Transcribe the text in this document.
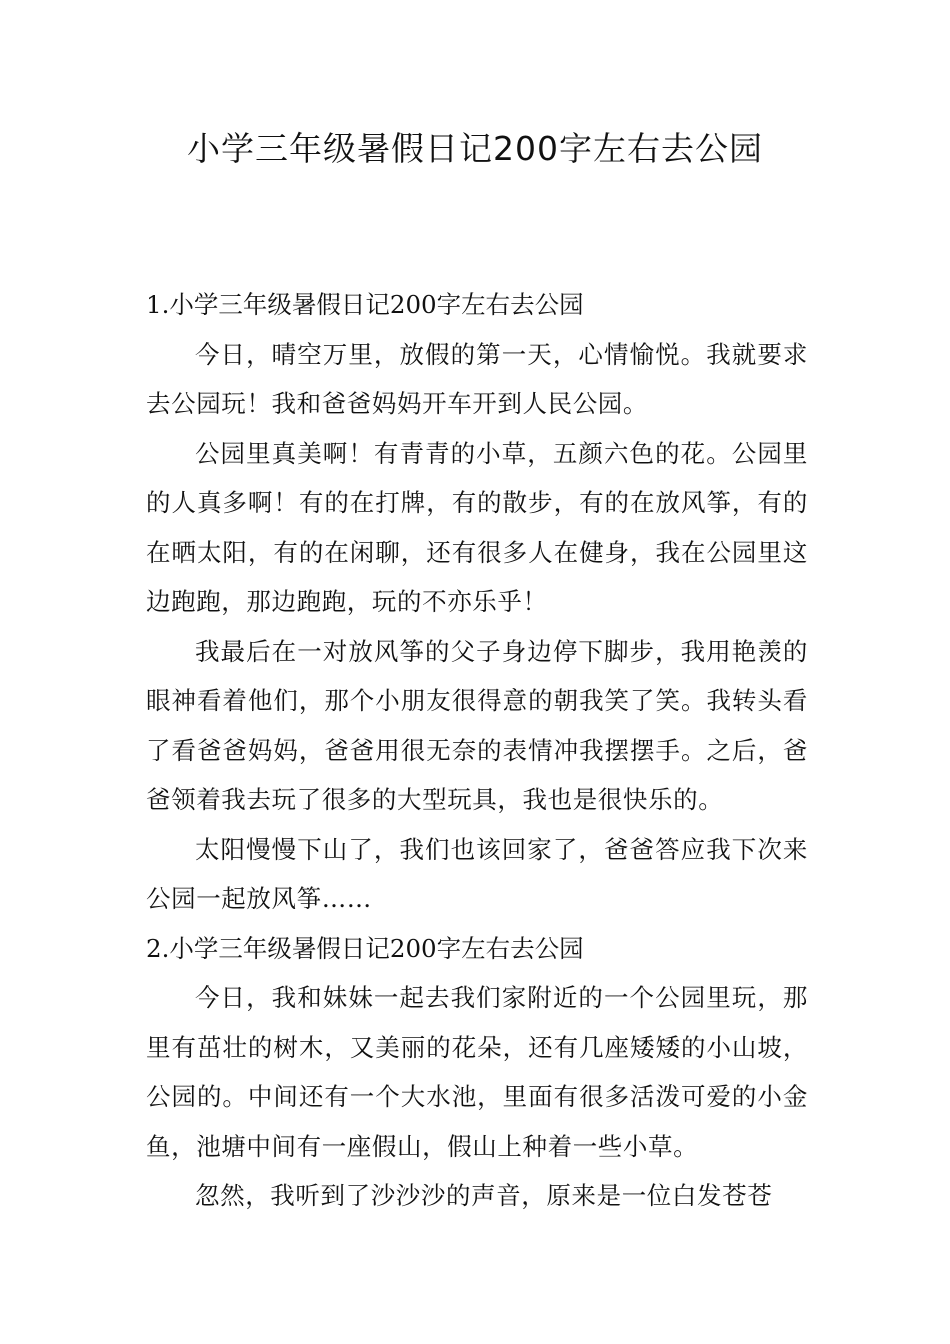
小学三年级暑假日记200字左右去公园
1.小学三年级暑假日记200字左右去公园

今日，晴空万里，放假的第一天，心情愉悦。我就要求去公园玩！我和爸爸妈妈开车开到人民公园。

公园里真美啊！有青青的小草，五颜六色的花。公园里的人真多啊！有的在打牌，有的散步，有的在放风筝，有的在晒太阳，有的在闲聊，还有很多人在健身，我在公园里这边跑跑，那边跑跑，玩的不亦乐乎！

我最后在一对放风筝的父子身边停下脚步，我用艳羡的眼神看着他们，那个小朋友很得意的朝我笑了笑。我转头看了看爸爸妈妈，爸爸用很无奈的表情冲我摆摆手。之后，爸爸领着我去玩了很多的大型玩具，我也是很快乐的。

太阳慢慢下山了，我们也该回家了，爸爸答应我下次来公园一起放风筝……

2.小学三年级暑假日记200字左右去公园

今日，我和妹妹一起去我们家附近的一个公园里玩，那里有茁壮的树木，又美丽的花朵，还有几座矮矮的小山坡，公园的。中间还有一个大水池，里面有很多活泼可爱的小金鱼，池塘中间有一座假山，假山上种着一些小草。

忽然，我听到了沙沙沙的声音，原来是一位白发苍苍
